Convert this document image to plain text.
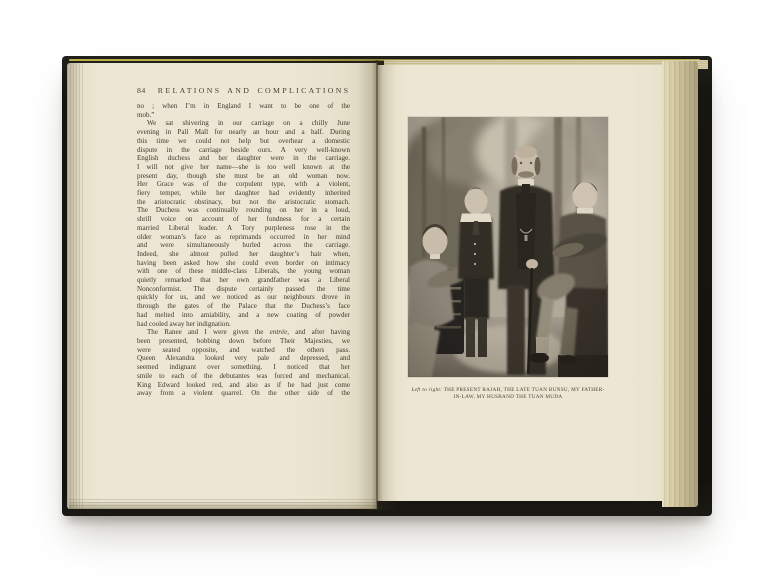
84 RELATIONS AND COMPLICATIONS
no ; when I’m in England I want to be one of the
mob.”
We sat shivering in our carriage on a chilly June
evening in Pall Mall for nearly an hour and a half. During
this time we could not help but overhear a domestic
dispute in the carriage beside ours. A very well-known
English duchess and her daughter were in the carriage.
I will not give her name—she is too well known at the
present day, though she must be an old woman now.
Her Grace was of the corpulent type, with a violent,
fiery temper, while her daughter had evidently inherited
the aristocratic obstinacy, but not the aristocratic stomach.
The Duchess was continually rounding on her in a loud,
shrill voice on account of her fondness for a certain
married Liberal leader. A Tory purpleness rose in the
older woman’s face as reprimands occurred in her mind
and were simultaneously hurled across the carriage.
Indeed, she almost pulled her daughter’s hair when,
having been asked how she could even border on intimacy
with one of these middle-class Liberals, the young woman
quietly remarked that her own grandfather was a Liberal
Nonconformist. The dispute certainly passed the time
quickly for us, and we noticed as our neighbours drove in
through the gates of the Palace that the Duchess’s face
had melted into amiability, and a new coating of powder
had cooled away her indignation.
The Ranee and I were given the entrée, and after having
been presented, bobbing down before Their Majesties, we
were seated opposite, and watched the others pass.
Queen Alexandra looked very pale and depressed, and
seemed indignant over something. I noticed that her
smile to each of the debutantes was forced and mechanical.
King Edward looked red, and also as if he had just come
away from a violent quarrel. On the other side of the	Left to right: THE PRESENT RAJAH, THE LATE TUAN BUNSU, MY FATHER-IN-LAW, MY HUSBAND THE TUAN MUDA
